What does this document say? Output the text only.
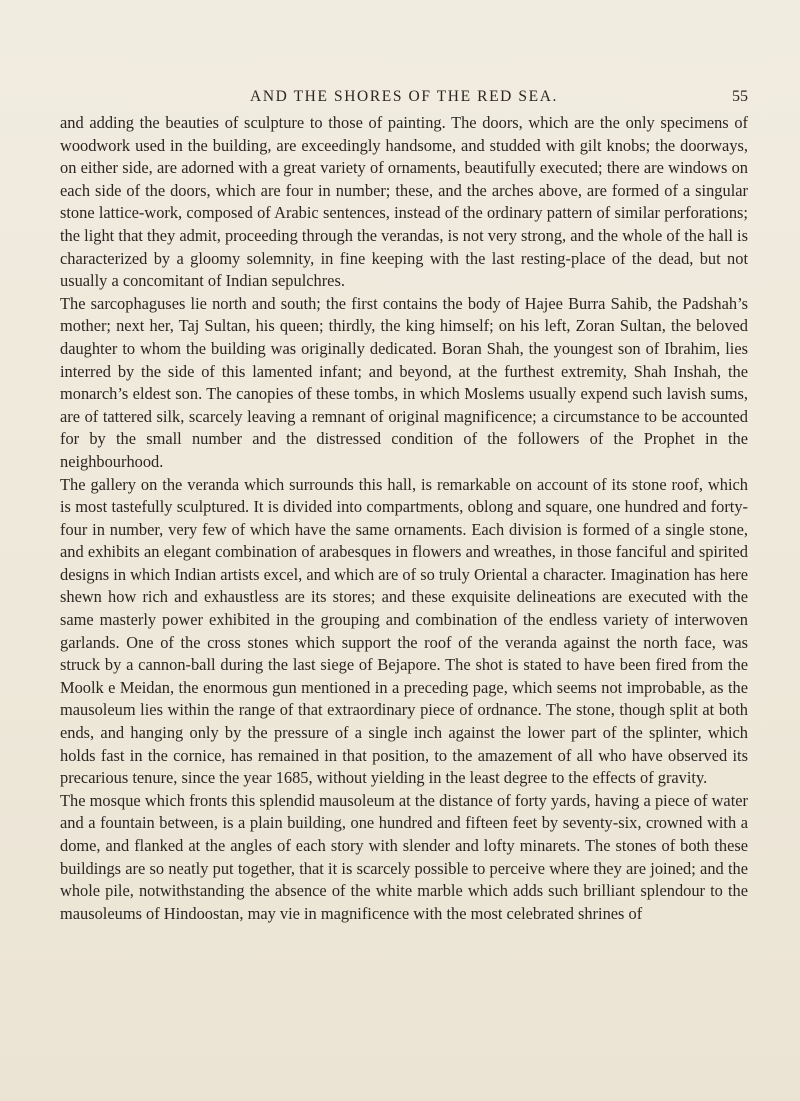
AND THE SHORES OF THE RED SEA.	55

and adding the beauties of sculpture to those of painting. The doors, which are the only specimens of woodwork used in the building, are exceedingly handsome, and studded with gilt knobs; the doorways, on either side, are adorned with a great variety of ornaments, beautifully executed; there are windows on each side of the doors, which are four in number; these, and the arches above, are formed of a singular stone lattice-work, composed of Arabic sentences, instead of the ordinary pattern of similar perforations; the light that they admit, proceeding through the verandas, is not very strong, and the whole of the hall is characterized by a gloomy solemnity, in fine keeping with the last resting-place of the dead, but not usually a concomitant of Indian sepulchres.

The sarcophaguses lie north and south; the first contains the body of Hajee Burra Sahib, the Padshah’s mother; next her, Taj Sultan, his queen; thirdly, the king himself; on his left, Zoran Sultan, the beloved daughter to whom the building was originally dedicated. Boran Shah, the youngest son of Ibrahim, lies interred by the side of this lamented infant; and beyond, at the furthest extremity, Shah Inshah, the monarch’s eldest son. The canopies of these tombs, in which Moslems usually expend such lavish sums, are of tattered silk, scarcely leaving a remnant of original magnificence; a circumstance to be accounted for by the small number and the distressed condition of the followers of the Prophet in the neighbourhood.

The gallery on the veranda which surrounds this hall, is remarkable on account of its stone roof, which is most tastefully sculptured. It is divided into compartments, oblong and square, one hundred and forty-four in number, very few of which have the same ornaments. Each division is formed of a single stone, and exhibits an elegant combination of arabesques in flowers and wreathes, in those fanciful and spirited designs in which Indian artists excel, and which are of so truly Oriental a character. Imagination has here shewn how rich and exhaustless are its stores; and these exquisite delineations are executed with the same masterly power exhibited in the grouping and combination of the endless variety of interwoven garlands. One of the cross stones which support the roof of the veranda against the north face, was struck by a cannon-ball during the last siege of Bejapore. The shot is stated to have been fired from the Moolk e Meidan, the enormous gun mentioned in a preceding page, which seems not improbable, as the mausoleum lies within the range of that extraordinary piece of ordnance. The stone, though split at both ends, and hanging only by the pressure of a single inch against the lower part of the splinter, which holds fast in the cornice, has remained in that position, to the amazement of all who have observed its precarious tenure, since the year 1685, without yielding in the least degree to the effects of gravity.

The mosque which fronts this splendid mausoleum at the distance of forty yards, having a piece of water and a fountain between, is a plain building, one hundred and fifteen feet by seventy-six, crowned with a dome, and flanked at the angles of each story with slender and lofty minarets. The stones of both these buildings are so neatly put together, that it is scarcely possible to perceive where they are joined; and the whole pile, notwithstanding the absence of the white marble which adds such brilliant splendour to the mausoleums of Hindoostan, may vie in magnificence with the most celebrated shrines of
